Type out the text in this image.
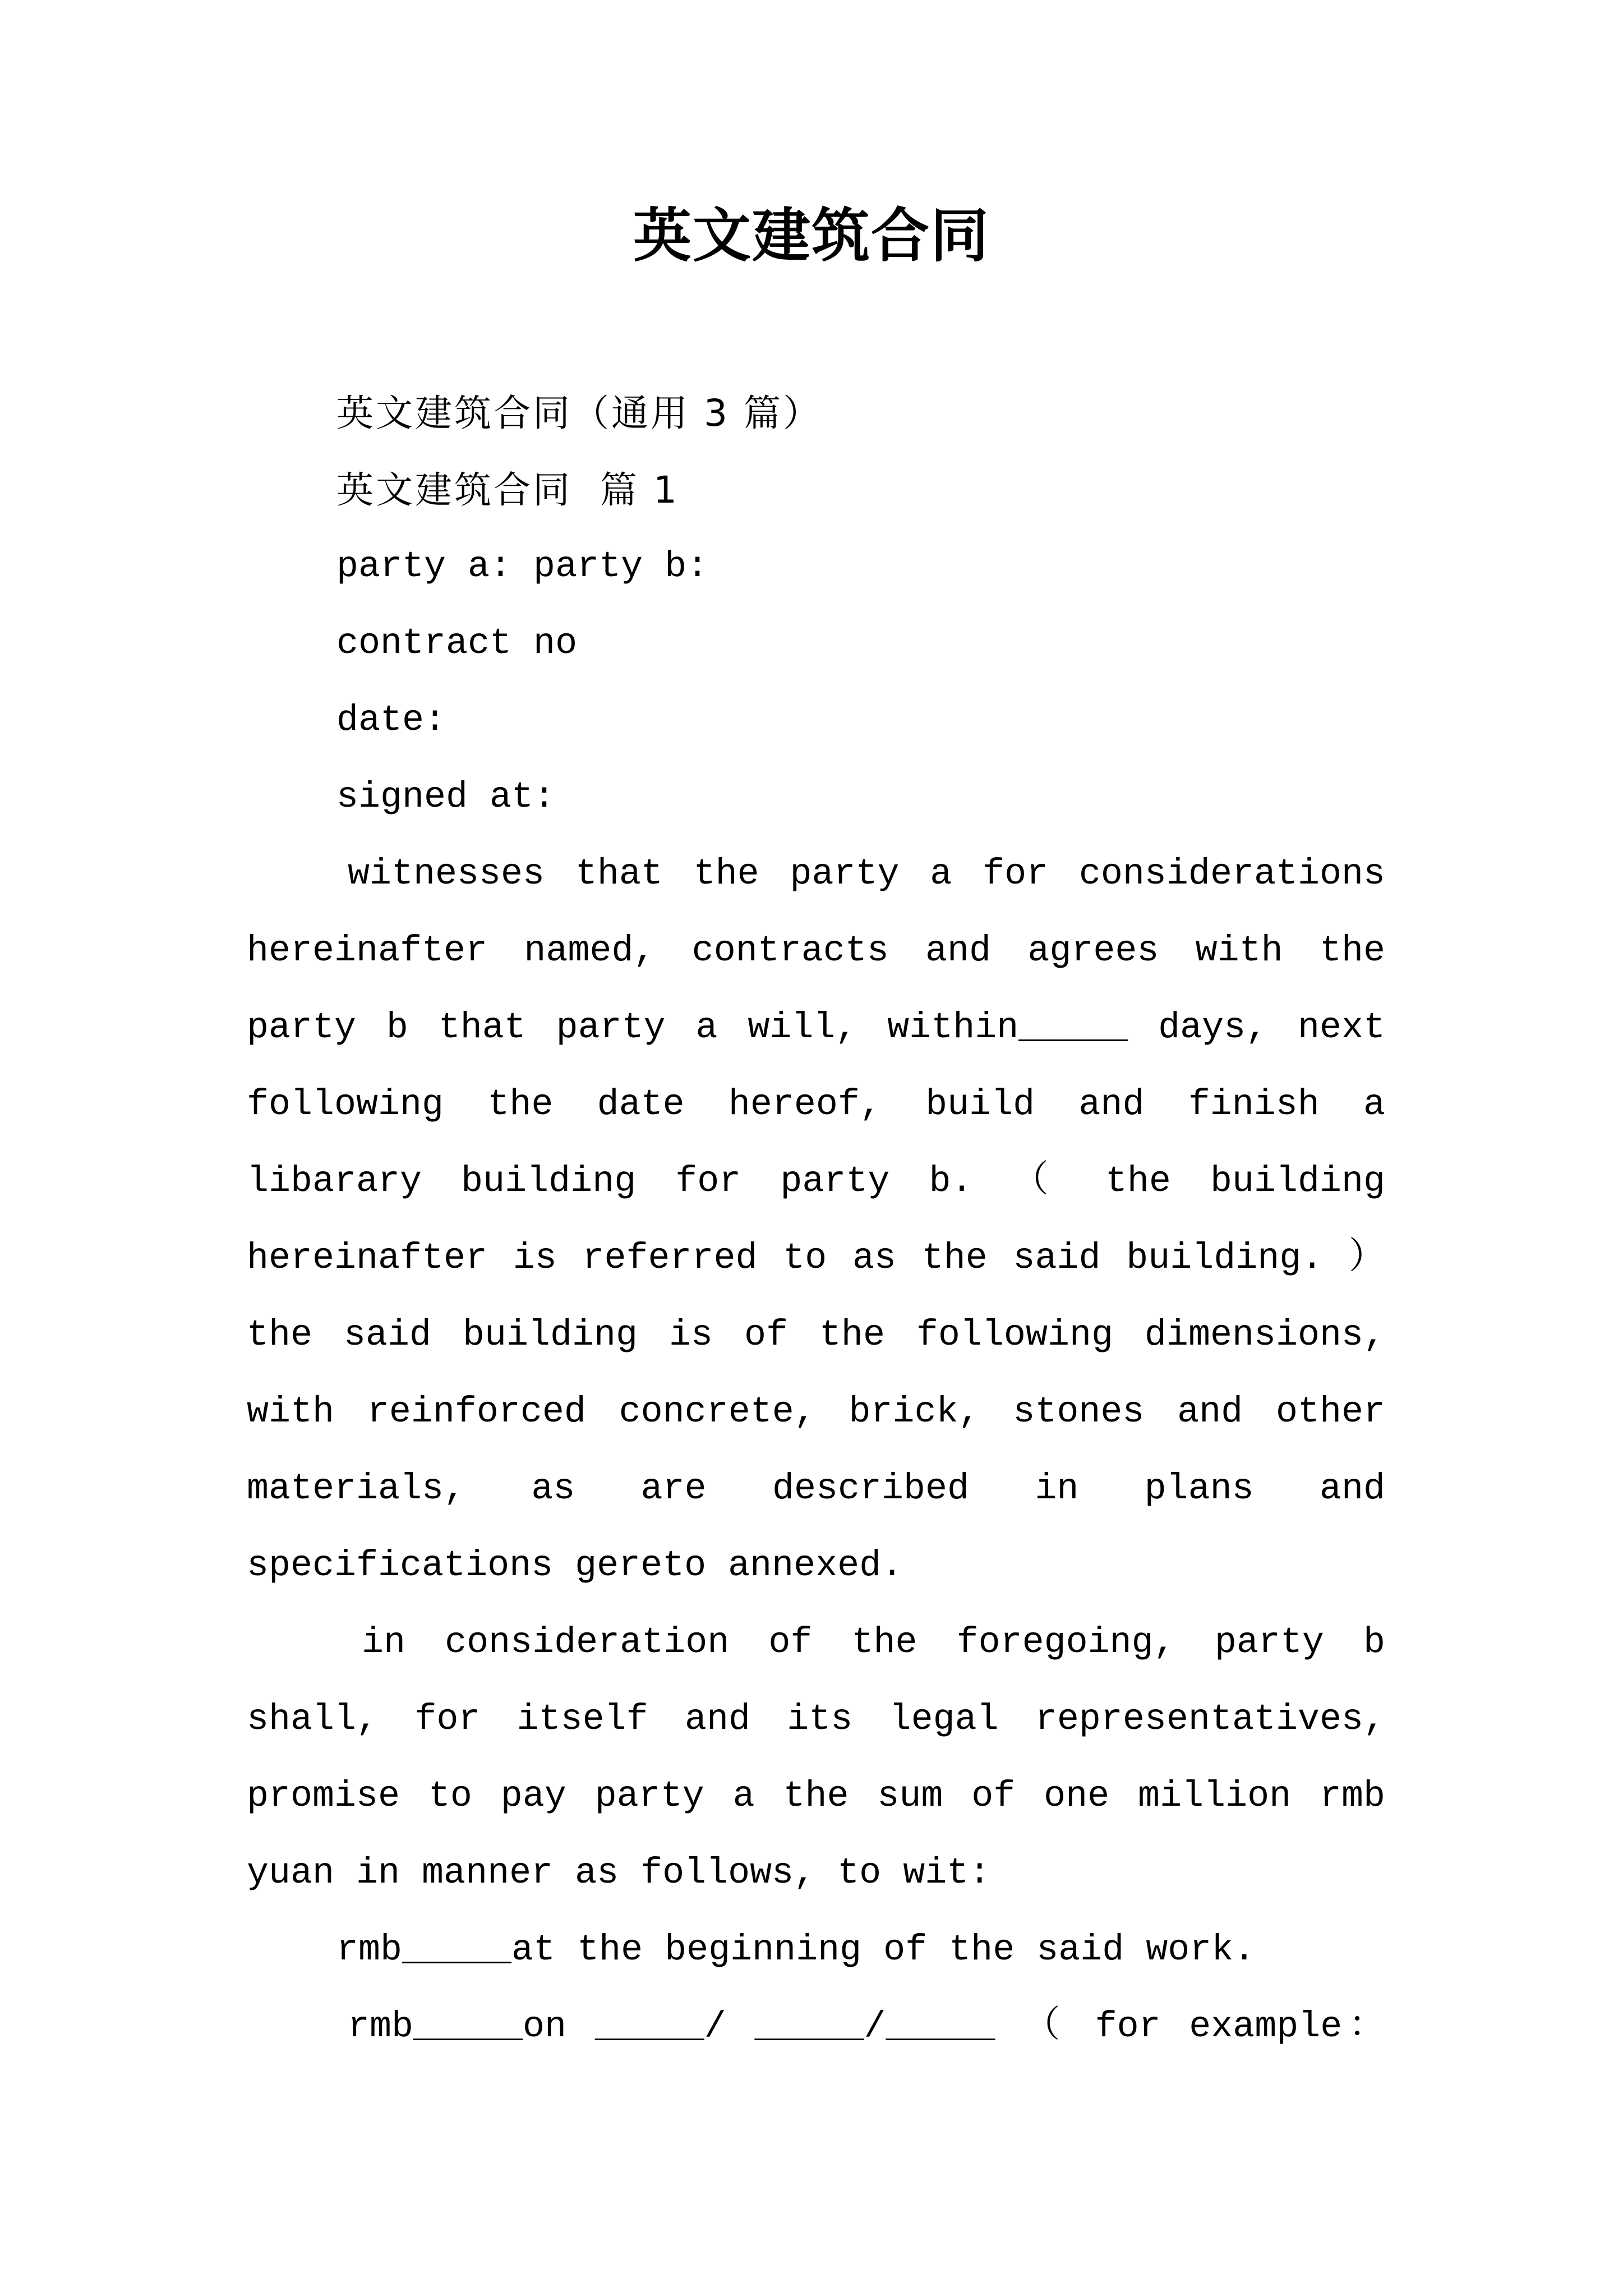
英文建筑合同
英文建筑合同（通用 3 篇）
英文建筑合同  篇 1
party a: party b:
contract no
date:
signed at:
witnesses that the party a for considerations
hereinafter named, contracts and agrees with the
party b that party a will, within_____ days, next
following the date hereof, build and finish a
libarary building for party b. （ the building
hereinafter is referred to as the said building. ）
the said building is of the following dimensions,
with reinforced concrete, brick, stones and other
materials, as are described in plans and
specifications gereto annexed.
in consideration of the foregoing, party b
shall, for itself and its legal representatives,
promise to pay party a the sum of one million rmb
yuan in manner as follows, to wit:
rmb_____at the beginning of the said work.
rmb_____on _____/ _____/_____ （ for example：
